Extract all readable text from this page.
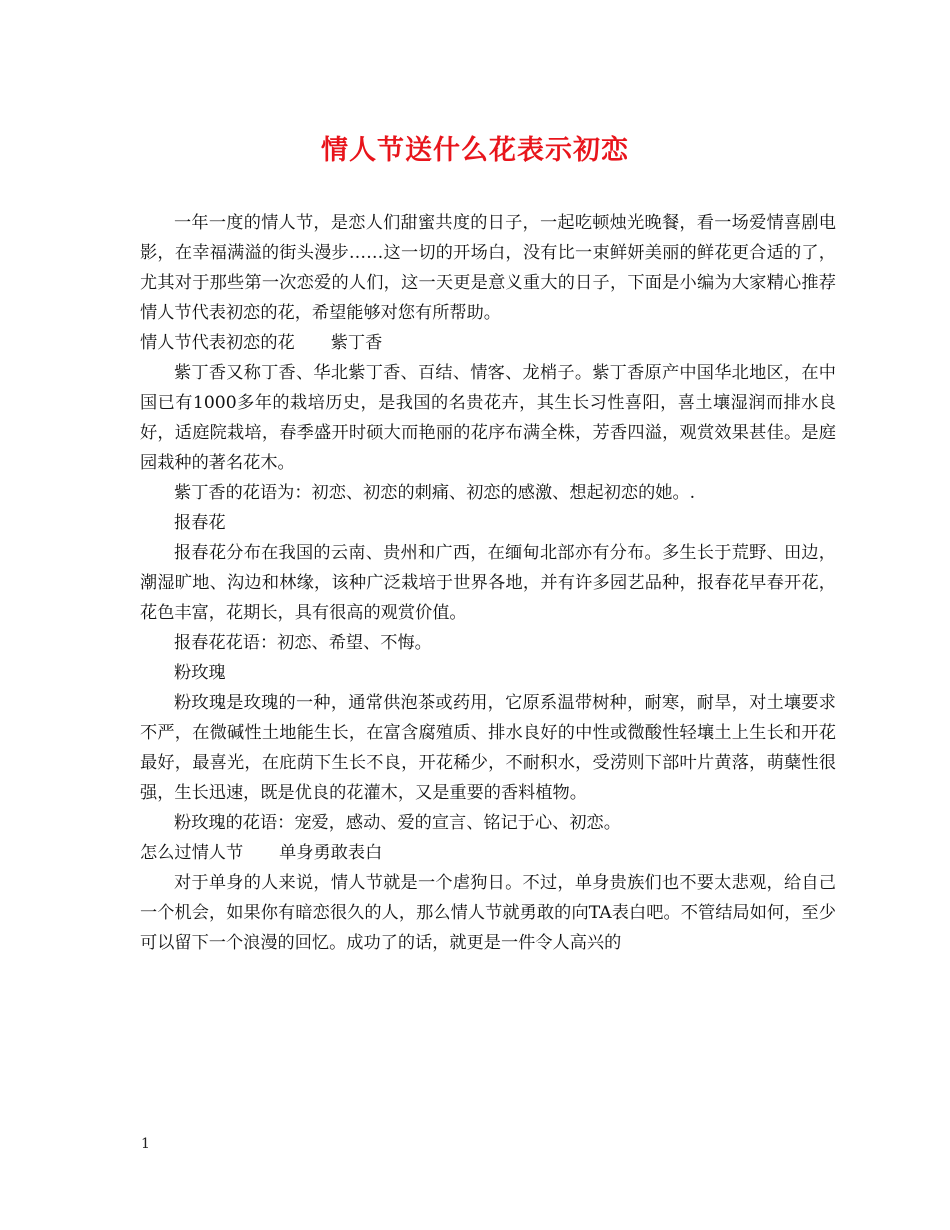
情人节送什么花表示初恋

一年一度的情人节，是恋人们甜蜜共度的日子，一起吃顿烛光晚餐，看一场爱情喜剧电影，在幸福满溢的街头漫步……这一切的开场白，没有比一束鲜妍美丽的鲜花更合适的了，尤其对于那些第一次恋爱的人们，这一天更是意义重大的日子，下面是小编为大家精心推荐情人节代表初恋的花，希望能够对您有所帮助。

情人节代表初恋的花 紫丁香

紫丁香又称丁香、华北紫丁香、百结、情客、龙梢子。紫丁香原产中国华北地区，在中国已有1000多年的栽培历史，是我国的名贵花卉，其生长习性喜阳，喜土壤湿润而排水良好，适庭院栽培，春季盛开时硕大而艳丽的花序布满全株，芳香四溢，观赏效果甚佳。是庭园栽种的著名花木。

紫丁香的花语为：初恋、初恋的刺痛、初恋的感激、想起初恋的她。.

报春花

报春花分布在我国的云南、贵州和广西，在缅甸北部亦有分布。多生长于荒野、田边，潮湿旷地、沟边和林缘，该种广泛栽培于世界各地，并有许多园艺品种，报春花早春开花，花色丰富，花期长，具有很高的观赏价值。

报春花花语：初恋、希望、不悔。

粉玫瑰

粉玫瑰是玫瑰的一种，通常供泡茶或药用，它原系温带树种，耐寒，耐旱，对土壤要求不严，在微碱性土地能生长，在富含腐殖质、排水良好的中性或微酸性轻壤土上生长和开花最好，最喜光，在庇荫下生长不良，开花稀少，不耐积水，受涝则下部叶片黄落，萌蘖性很强，生长迅速，既是优良的花灌木，又是重要的香料植物。

粉玫瑰的花语：宠爱，感动、爱的宣言、铭记于心、初恋。

怎么过情人节 单身勇敢表白

对于单身的人来说，情人节就是一个虐狗日。不过，单身贵族们也不要太悲观，给自己一个机会，如果你有暗恋很久的人，那么情人节就勇敢的向TA表白吧。不管结局如何，至少可以留下一个浪漫的回忆。成功了的话，就更是一件令人高兴的

1
